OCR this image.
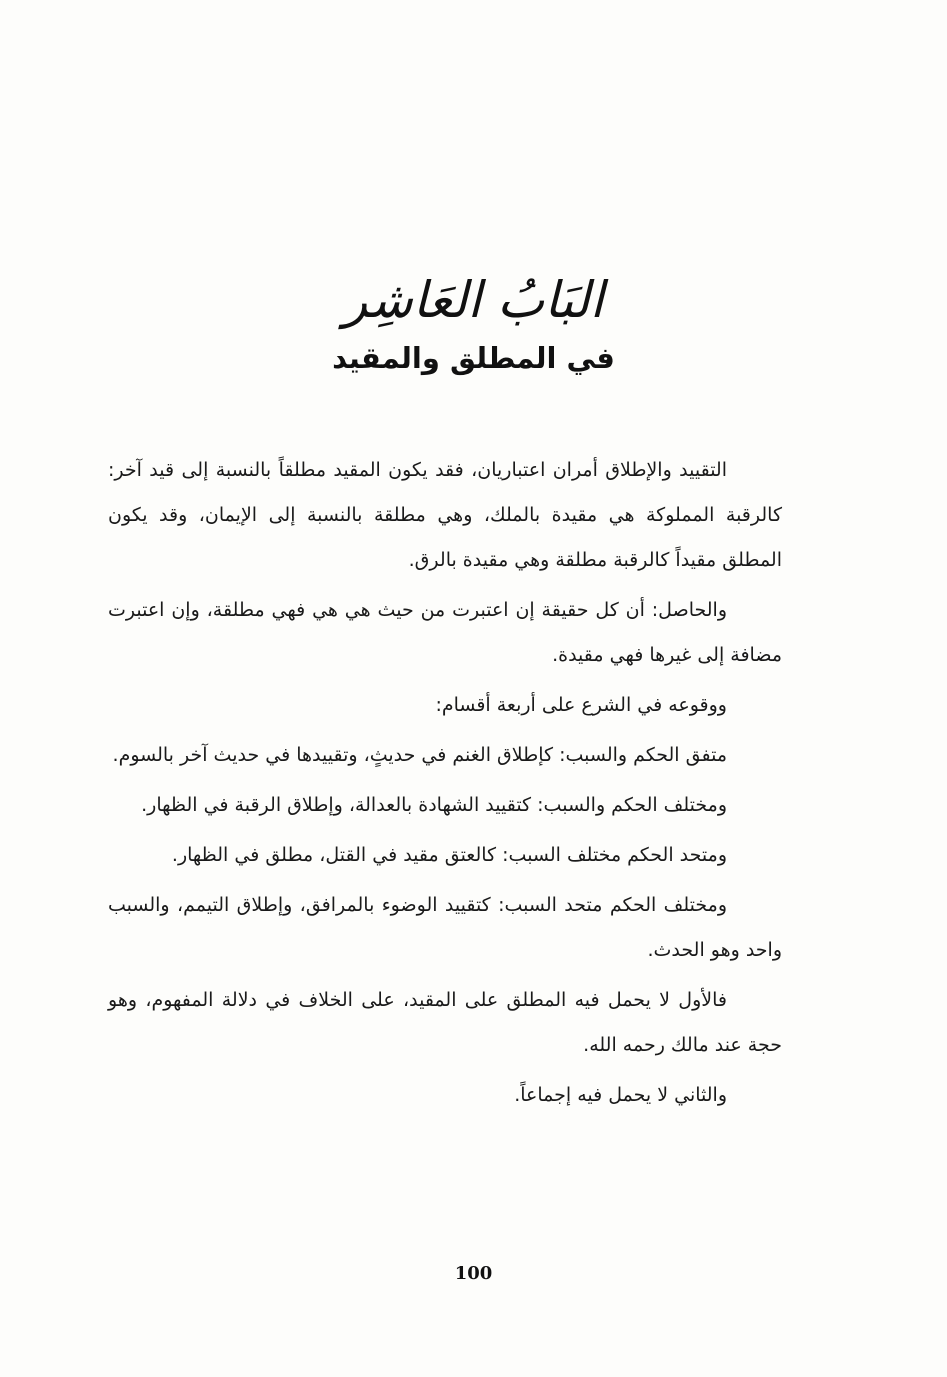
البَابُ العَاشِر
في المطلق والمقيد

التقييد والإطلاق أمران اعتباريان، فقد يكون المقيد مطلقاً بالنسبة إلى قيد آخر: كالرقبة المملوكة هي مقيدة بالملك، وهي مطلقة بالنسبة إلى الإيمان، وقد يكون المطلق مقيداً كالرقبة مطلقة وهي مقيدة بالرق.

والحاصل: أن كل حقيقة إن اعتبرت من حيث هي هي فهي مطلقة، وإن اعتبرت مضافة إلى غيرها فهي مقيدة.

ووقوعه في الشرع على أربعة أقسام:

متفق الحكم والسبب: كإطلاق الغنم في حديثٍ، وتقييدها في حديث آخر بالسوم.

ومختلف الحكم والسبب: كتقييد الشهادة بالعدالة، وإطلاق الرقبة في الظهار.

ومتحد الحكم مختلف السبب: كالعتق مقيد في القتل، مطلق في الظهار.

ومختلف الحكم متحد السبب: كتقييد الوضوء بالمرافق، وإطلاق التيمم، والسبب واحد وهو الحدث.

فالأول لا يحمل فيه المطلق على المقيد، على الخلاف في دلالة المفهوم، وهو حجة عند مالك رحمه الله.

والثاني لا يحمل فيه إجماعاً.

100
